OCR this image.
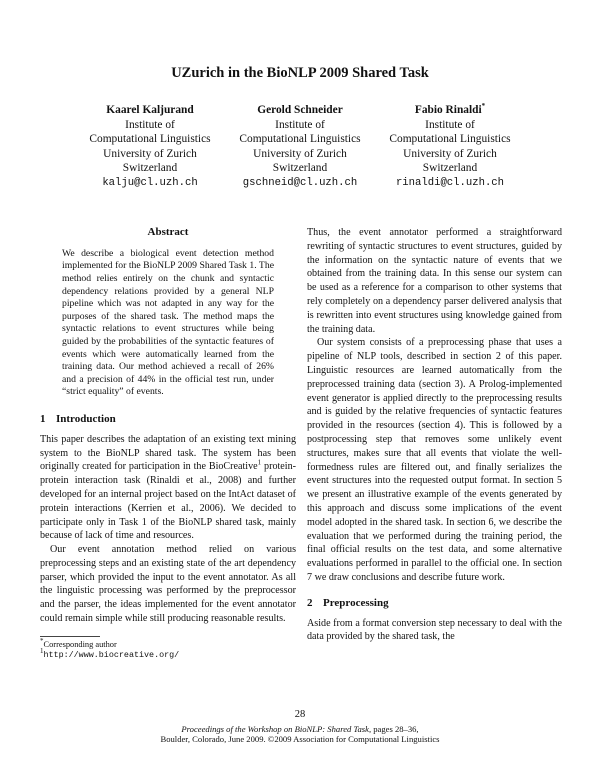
UZurich in the BioNLP 2009 Shared Task
Kaarel Kaljurand
Institute of
Computational Linguistics
University of Zurich
Switzerland
kalju@cl.uzh.ch
Gerold Schneider
Institute of
Computational Linguistics
University of Zurich
Switzerland
gschneid@cl.uzh.ch
Fabio Rinaldi*
Institute of
Computational Linguistics
University of Zurich
Switzerland
rinaldi@cl.uzh.ch
Abstract

We describe a biological event detection method implemented for the BioNLP 2009 Shared Task 1. The method relies entirely on the chunk and syntactic dependency relations provided by a general NLP pipeline which was not adapted in any way for the purposes of the shared task. The method maps the syntactic relations to event structures while being guided by the probabilities of the syntactic features of events which were automatically learned from the training data. Our method achieved a recall of 26% and a precision of 44% in the official test run, under “strict equality” of events.

1 Introduction

This paper describes the adaptation of an existing text mining system to the BioNLP shared task. The system has been originally created for participation in the BioCreative$^1$ protein-protein interaction task (Rinaldi et al., 2008) and further developed for an internal project based on the IntAct dataset of protein interactions (Kerrien et al., 2006). We decided to participate only in Task 1 of the BioNLP shared task, mainly because of lack of time and resources.

Our event annotation method relied on various preprocessing steps and an existing state of the art dependency parser, which provided the input to the event annotator. As all the linguistic processing was performed by the preprocessor and the parser, the ideas implemented for the event annotator could remain simple while still producing reasonable results.

*Corresponding author
$^1$http://www.biocreative.org/

Thus, the event annotator performed a straightforward rewriting of syntactic structures to event structures, guided by the information on the syntactic nature of events that we obtained from the training data. In this sense our system can be used as a reference for a comparison to other systems that rely completely on a dependency parser delivered analysis that is rewritten into event structures using knowledge gained from the training data.

Our system consists of a preprocessing phase that uses a pipeline of NLP tools, described in section 2 of this paper. Linguistic resources are learned automatically from the preprocessed training data (section 3). A Prolog-implemented event generator is applied directly to the preprocessing results and is guided by the relative frequencies of syntactic features provided in the resources (section 4). This is followed by a postprocessing step that removes some unlikely event structures, makes sure that all events that violate the well-formedness rules are filtered out, and finally serializes the event structures into the requested output format. In section 5 we present an illustrative example of the events generated by this approach and discuss some implications of the event model adopted in the shared task. In section 6, we describe the evaluation that we performed during the training period, the final official results on the test data, and some alternative evaluations performed in parallel to the official one. In section 7 we draw conclusions and describe future work.

2 Preprocessing

Aside from a format conversion step necessary to deal with the data provided by the shared task, the

28
Proceedings of the Workshop on BioNLP: Shared Task, pages 28–36,
Boulder, Colorado, June 2009. ©2009 Association for Computational Linguistics
